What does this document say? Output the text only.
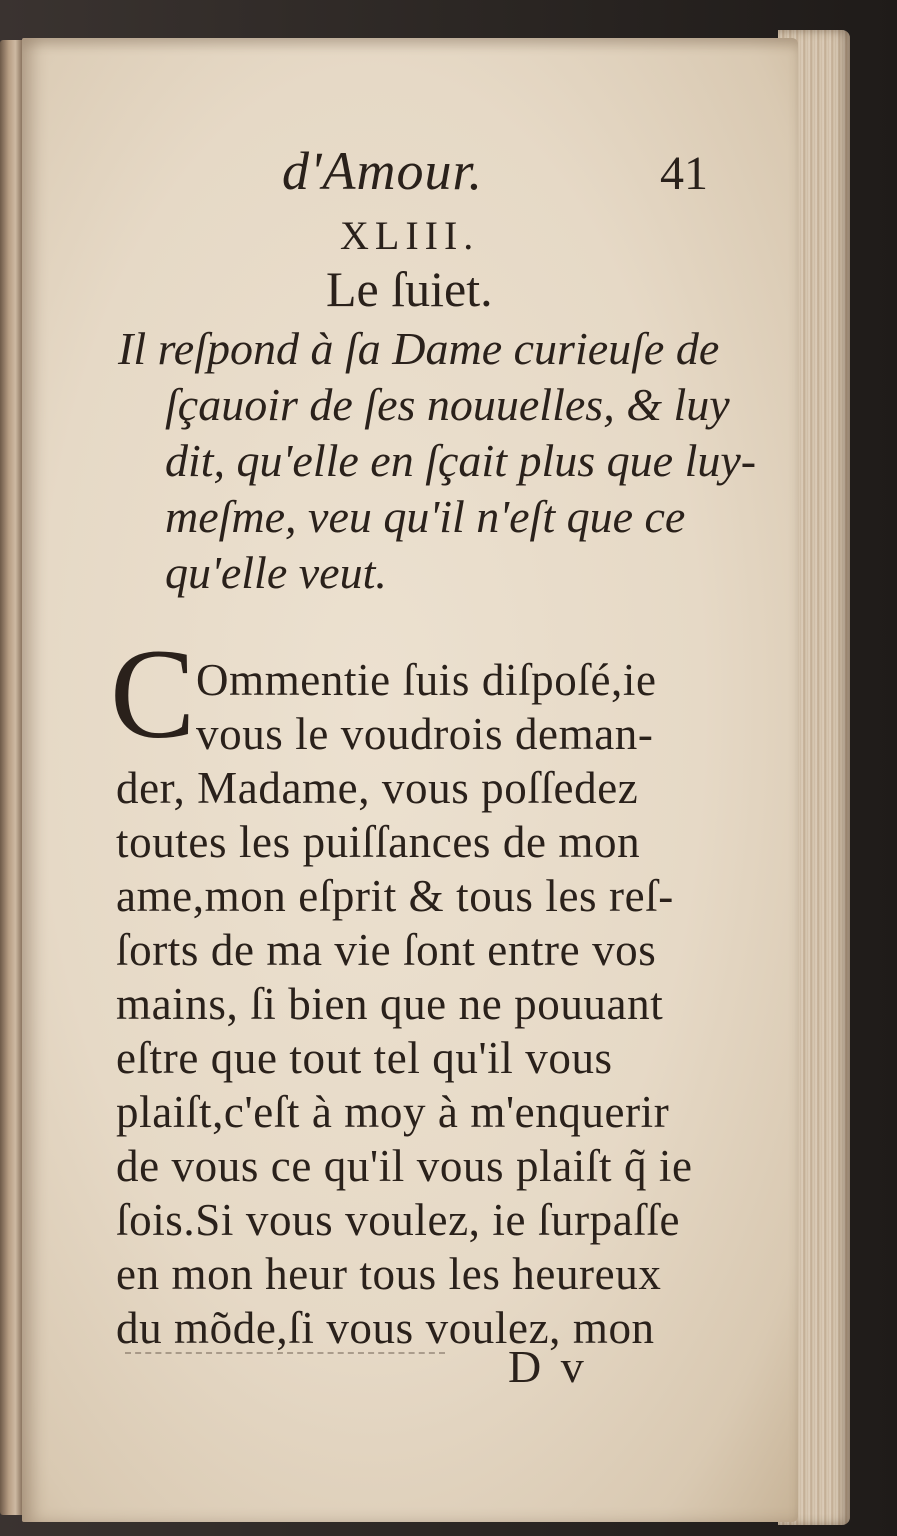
d'Amour.	41
XLIII.
Le ſuiet.
Il reſpond à ſa Dame curieuſe de
ſçauoir de ſes nouuelles, & luy
dit, qu'elle en ſçait plus que luy-
meſme, veu qu'il n'eſt que ce
qu'elle veut.
C Ommentie ſuis diſpoſé,ie
vous le voudrois deman-
der, Madame, vous poſſedez
toutes les puiſſances de mon
ame,mon eſprit & tous les reſ-
ſorts de ma vie ſont entre vos
mains, ſi bien que ne pouuant
eſtre que tout tel qu'il vous
plaiſt,c'eſt à moy à m'enquerir
de vous ce qu'il vous plaiſt q̃ ie
ſois.Si vous voulez, ie ſurpaſſe
en mon heur tous les heureux
du mõde,ſi vous voulez, mon
D v
